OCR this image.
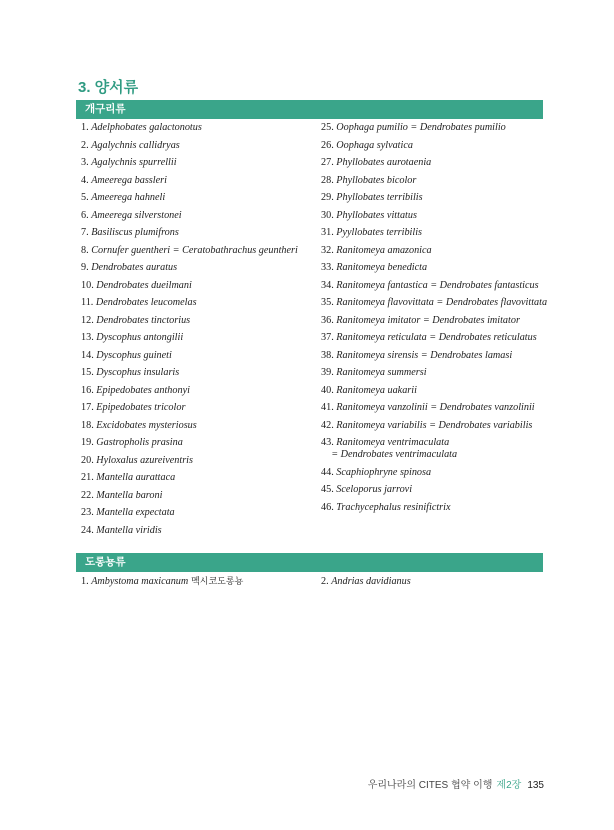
3. 양서류
개구리류
1. Adelphobates galactonotus
2. Agalychnis callidryas
3. Agalychnis spurrellii
4. Ameerega bassleri
5. Ameerega hahneli
6. Ameerega silverstonei
7. Basiliscus plumifrons
8. Cornufer guentheri = Ceratobathrachus geuntheri
9. Dendrobates auratus
10. Dendrobates dueilmani
11. Dendrobates leucomelas
12. Dendrobates tinctorius
13. Dyscophus antongilii
14. Dyscophus guineti
15. Dyscophus insularis
16. Epipedobates anthonyi
17. Epipedobates tricolor
18. Excidobates mysteriosus
19. Gastropholis prasina
20. Hyloxalus azureiventris
21. Mantella aurattaca
22. Mantella baroni
23. Mantella expectata
24. Mantella viridis
25. Oophaga pumilio = Dendrobates pumilio
26. Oophaga sylvatica
27. Phyllobates aurotaenia
28. Phyllobates bicolor
29. Phyllobates terribilis
30. Phyllobates vittatus
31. Pyyllobates terribilis
32. Ranitomeya amazonica
33. Ranitomeya benedicta
34. Ranitomeya fantastica = Dendrobates fantasticus
35. Ranitomeya flavovittata = Dendrobates flavovittata
36. Ranitomeya imitator = Dendrobates imitator
37. Ranitomeya reticulata = Dendrobates reticulatus
38. Ranitomeya sirensis = Dendrobates lamasi
39. Ranitomeya summersi
40. Ranitomeya uakarii
41. Ranitomeya vanzolinii = Dendrobates vanzolinii
42. Ranitomeya variabilis = Dendrobates variabilis
43. Ranitomeya ventrimaculata
= Dendrobates ventrimaculata
44. Scaphiophryne spinosa
45. Sceloporus jarrovi
46. Trachycephalus resinifictrix
도롱뇽류
1. Ambystoma maxicanum 멕시코도롱뇽	2. Andrias davidianus
우리나라의 CITES 협약 이행 제2장 135
